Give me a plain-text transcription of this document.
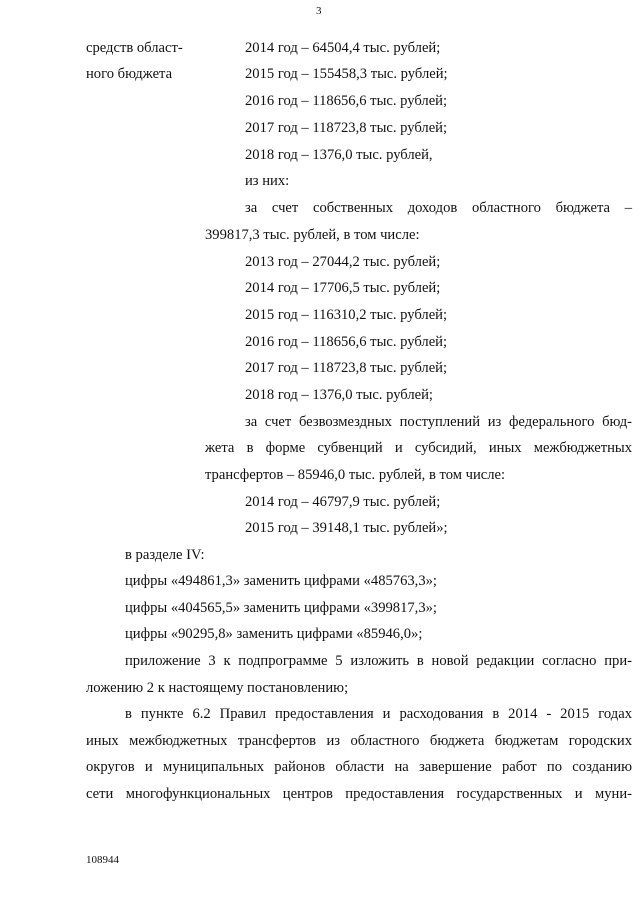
3
средств област-
ного бюджета
2014 год – 64504,4 тыс. рублей;
2015 год – 155458,3 тыс. рублей;
2016 год – 118656,6 тыс. рублей;
2017 год – 118723,8 тыс. рублей;
2018 год – 1376,0 тыс. рублей,
из них:
за счет собственных доходов областного бюджета –
399817,3 тыс. рублей, в том числе:
2013 год – 27044,2 тыс. рублей;
2014 год – 17706,5 тыс. рублей;
2015 год – 116310,2 тыс. рублей;
2016 год – 118656,6 тыс. рублей;
2017 год – 118723,8 тыс. рублей;
2018 год – 1376,0 тыс. рублей;
за счет безвозмездных поступлений из федерального бюд-
жета в форме субвенций и субсидий, иных межбюджетных
трансфертов – 85946,0 тыс. рублей, в том числе:
2014 год – 46797,9 тыс. рублей;
2015 год – 39148,1 тыс. рублей»;
в разделе IV:
цифры «494861,3» заменить цифрами «485763,3»;
цифры «404565,5» заменить цифрами «399817,3»;
цифры «90295,8» заменить цифрами «85946,0»;
приложение 3 к подпрограмме 5 изложить в новой редакции согласно при-
ложению 2 к настоящему постановлению;
в пункте 6.2 Правил предоставления и расходования в 2014 - 2015 годах
иных межбюджетных трансфертов из областного бюджета бюджетам городских
округов и муниципальных районов области на завершение работ по созданию
сети многофункциональных центров предоставления государственных и муни-
108944
